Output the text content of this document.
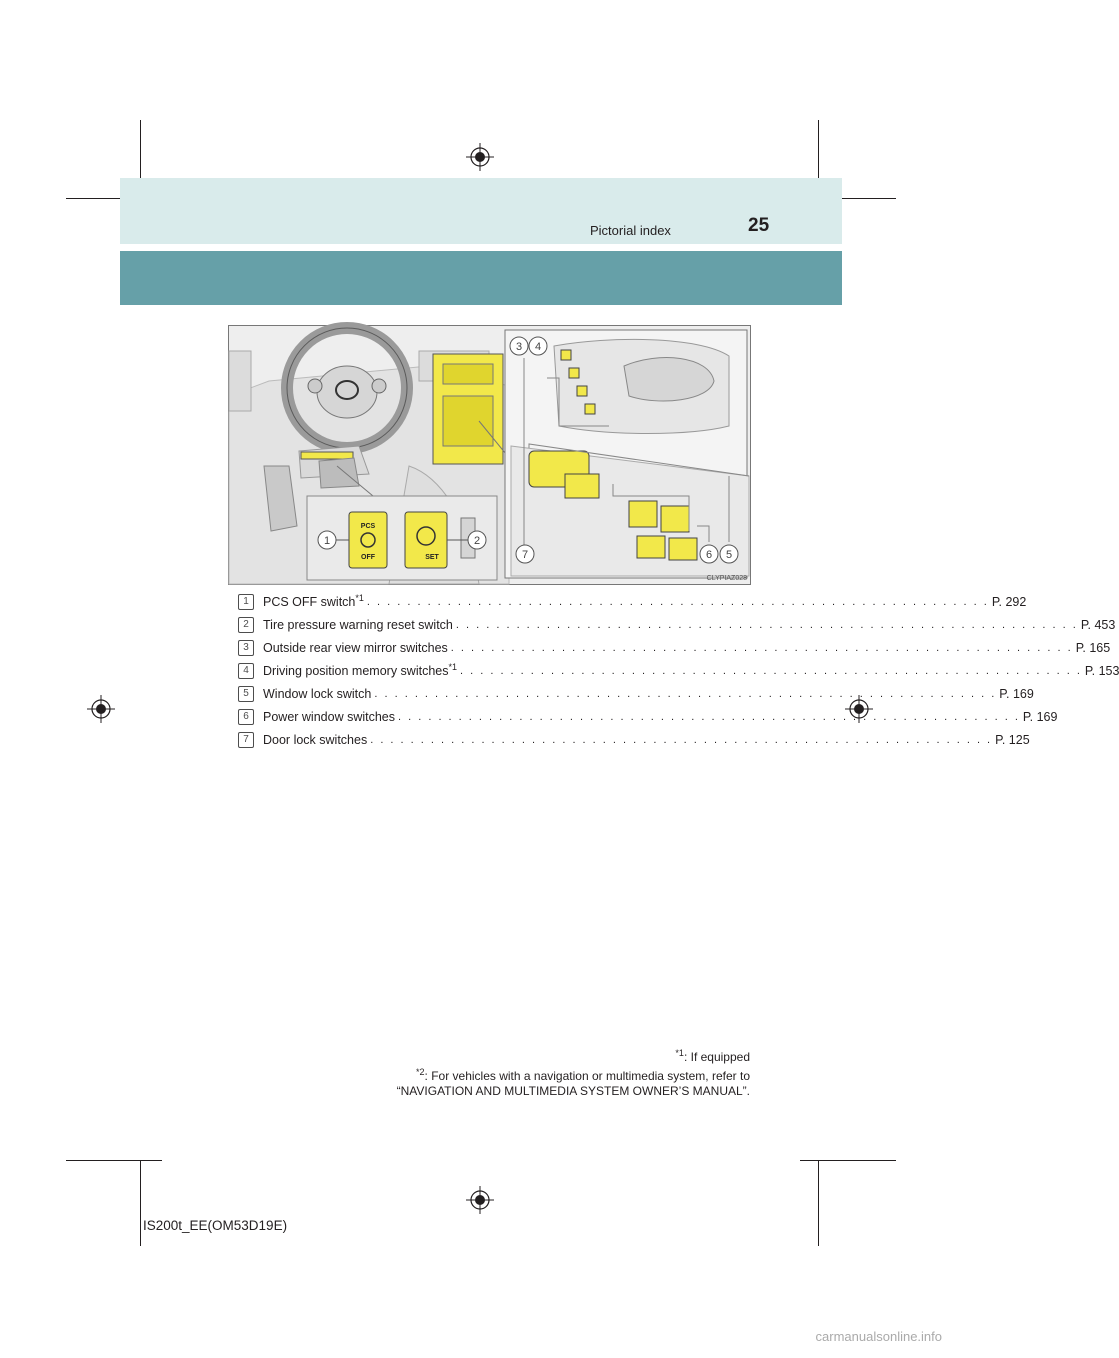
Pictorial index	25
PCS
OFF	SET
1	2
3 4
5
6
7
CLYPIAZ028
1	PCS OFF switch$^{*1}$ . . . . . . . . . . . . . . . . . . . . . . . . . . . . . . . . . . . . . . . . . . . . . . . . . . . . . . . . . . . . . . P. 292
2	Tire pressure warning reset switch . . . . . . . . . . . . . . . . . . . . . . . . . . . . . . . . . . . . . . . . . . . . . . . . . . . . . . . . . . . . . . P. 453
3	Outside rear view mirror switches . . . . . . . . . . . . . . . . . . . . . . . . . . . . . . . . . . . . . . . . . . . . . . . . . . . . . . . . . . . . . . P. 165
4	Driving position memory switches$^{*1}$ . . . . . . . . . . . . . . . . . . . . . . . . . . . . . . . . . . . . . . . . . . . . . . . . . . . . . . . . . . . . . . P. 153
5	Window lock switch . . . . . . . . . . . . . . . . . . . . . . . . . . . . . . . . . . . . . . . . . . . . . . . . . . . . . . . . . . . . . . P. 169
6	Power window switches . . . . . . . . . . . . . . . . . . . . . . . . . . . . . . . . . . . . . . . . . . . . . . . . . . . . . . . . . . . . . . P. 169
7	Door lock switches . . . . . . . . . . . . . . . . . . . . . . . . . . . . . . . . . . . . . . . . . . . . . . . . . . . . . . . . . . . . . . P. 125
$^{*1}$: If equipped
$^{*2}$: For vehicles with a navigation or multimedia system, refer to
“NAVIGATION AND MULTIMEDIA SYSTEM OWNER’S MANUAL”.
IS200t_EE(OM53D19E)
carmanualsonline.info
